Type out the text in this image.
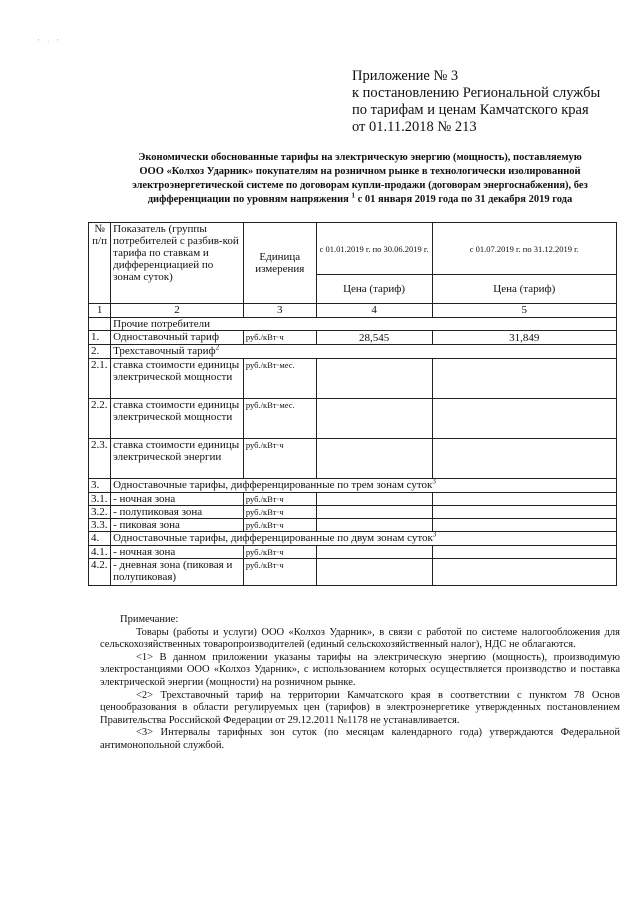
' · '
Приложение № 3
к постановлению Региональной службы
по тарифам и ценам Камчатского края
от 01.11.2018 № 213
Экономически обоснованные тарифы на электрическую энергию (мощность), поставляемую
ООО «Колхоз Ударник» покупателям на розничном рынке в технологически изолированной
электроэнергетической системе по договорам купли-продажи (договорам энергоснабжения), без
дифференциации по уровням напряжения $^1$ с 01 января 2019 года по 31 декабря 2019 года
№ п/п	Показатель (группы потребителей с разбив-кой тарифа по ставкам и дифференциацией по зонам суток)	Единица измерения	с 01.01.2019 г. по 30.06.2019 г.	с 01.07.2019 г. по 31.12.2019 г.
			Цена (тариф)	Цена (тариф)
1	2	3	4	5
	Прочие потребители			
1.	Одноставочный тариф	руб./кВт·ч	28,545	31,849
2.	Трехставочный тариф$^2$
2.1.	ставка стоимости единицы электрической мощности	руб./кВт·мес.		
2.2.	ставка стоимости единицы электрической мощности	руб./кВт·мес.		
2.3.	ставка стоимости единицы электрической энергии	руб./кВт·ч		
3.	Одноставочные тарифы, дифференцированные по трем зонам суток$^3$
3.1.	- ночная зона	руб./кВт·ч		
3.2.	- полупиковая зона	руб./кВт·ч		
3.3.	- пиковая зона	руб./кВт·ч		
4.	Одноставочные тарифы, дифференцированные по двум зонам суток$^3$
4.1.	- ночная зона	руб./кВт·ч		
4.2.	- дневная зона (пиковая и полупиковая)	руб./кВт·ч		

Примечание:

Товары (работы и услуги) ООО «Колхоз Ударник», в связи с работой по системе налогообложения для сельскохозяйственных товаропроизводителей (единый сельскохозяйственный налог), НДС не облагаются.

<1> В данном приложении указаны тарифы на электрическую энергию (мощность), производимую электростанциями ООО «Колхоз Ударник», с использованием которых осуществляется производство и поставка электрической энергии (мощности) на розничном рынке.

<2> Трехставочный тариф на территории Камчатского края в соответствии с пунктом 78 Основ ценообразования в области регулируемых цен (тарифов) в электроэнергетике утвержденных постановлением Правительства Российской Федерации от 29.12.2011 №1178 не устанавливается.

<3> Интервалы тарифных зон суток (по месяцам календарного года) утверждаются Федеральной антимонопольной службой.
